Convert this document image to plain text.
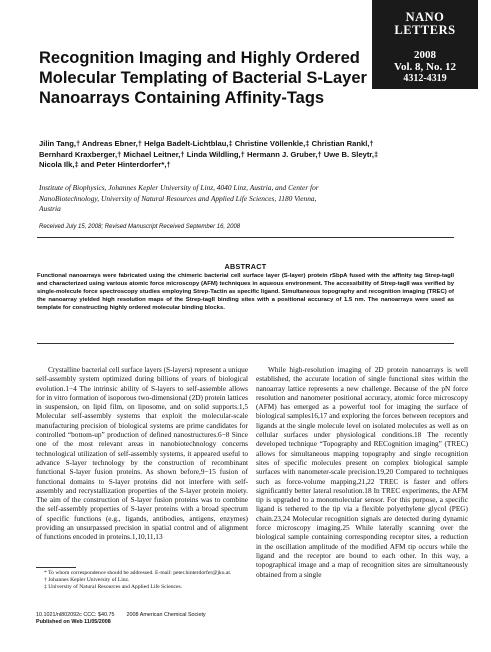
NANO
LETTERS
2008
Vol. 8, No. 12
4312-4319
Recognition Imaging and Highly Ordered Molecular Templating of Bacterial S-Layer Nanoarrays Containing Affinity-Tags
Jilin Tang,† Andreas Ebner,† Helga Badelt-Lichtblau,‡ Christine Völlenkle,‡ Christian Rankl,† Bernhard Kraxberger,† Michael Leitner,† Linda Wildling,† Hermann J. Gruber,† Uwe B. Sleytr,‡ Nicola Ilk,‡ and Peter Hinterdorfer*,†
Institute of Biophysics, Johannes Kepler University of Linz, 4040 Linz, Austria, and Center for NanoBiotechnology, University of Natural Resources and Applied Life Sciences, 1180 Vienna, Austria
Received July 15, 2008; Revised Manuscript Received September 16, 2008
ABSTRACT
Functional nanoarrays were fabricated using the chimeric bacterial cell surface layer (S-layer) protein rSbpA fused with the affinity tag Strep-tagII and characterized using various atomic force microscopy (AFM) techniques in aqueous environment. The accessibility of Strep-tagII was verified by single-molecule force spectroscopy studies employing Strep-Tactin as specific ligand. Simultaneous topography and recognition imaging (TREC) of the nanoarray yielded high resolution maps of the Strep-tagII binding sites with a positional accuracy of 1.5 nm. The nanoarrays were used as template for constructing highly ordered molecular binding blocks.

Crystalline bacterial cell surface layers (S-layers) represent a unique self-assembly system optimized during billions of years of biological evolution.1−4 The intrinsic ability of S-layers to self-assemble allows for in vitro formation of isoporous two-dimensional (2D) protein lattices in suspension, on lipid film, on liposome, and on solid supports.1,5 Molecular self-assembly systems that exploit the molecular-scale manufacturing precision of biological systems are prime candidates for controlled “bottom-up” production of defined nanostructures.6−8 Since one of the most relevant areas in nanobiotechnology concerns technological utilization of self-assembly systems, it appeared useful to advance S-layer technology by the construction of recombinant functional S-layer fusion proteins. As shown before,9−15 fusion of functional domains to S-layer proteins did not interfere with self-assembly and recrystallization properties of the S-layer protein moiety. The aim of the construction of S-layer fusion proteins was to combine the self-assembly properties of S-layer proteins with a broad spectrum of specific functions (e.g., ligands, antibodies, antigens, enzymes) providing an unsurpassed precision in spatial control and of alignment of functions encoded in proteins.1,10,11,13

While high-resolution imaging of 2D protein nanoarrays is well established, the accurate location of single functional sites within the nanoarray lattice represents a new challenge. Because of the pN force resolution and nanometer positional accuracy, atomic force microscopy (AFM) has emerged as a powerful tool for imaging the surface of biological samples16,17 and exploring the forces between receptors and ligands at the single molecule level on isolated molecules as well as on cellular surfaces under physiological conditions.18 The recently developed technique “Topography and RECognition imaging” (TREC) allows for simultaneous mapping topography and single recognition sites of specific molecules present on complex biological sample surfaces with nanometer-scale precision.19,20 Compared to techniques such as force-volume mapping,21,22 TREC is faster and offers significantly better lateral resolution.18 In TREC experiments, the AFM tip is upgraded to a monomolecular sensor. For this purpose, a specific ligand is tethered to the tip via a flexible polyethylene glycol (PEG) chain.23,24 Molecular recognition signals are detected during dynamic force microscopy imaging.25 While laterally scanning over the biological sample containing corresponding receptor sites, a reduction in the oscillation amplitude of the modified AFM tip occurs while the ligand and the receptor are bound to each other. In this way, a topographical image and a map of recognition sites are simultaneously obtained from a single

* To whom correspondence should be addressed. E-mail: peter.hinterdorfer@jku.at.
† Johannes Kepler University of Linz.
‡ University of Natural Resources and Applied Life Sciences.
10.1021/nl802092c CCC: $40.75 2008 American Chemical Society
Published on Web 11/05/2008
